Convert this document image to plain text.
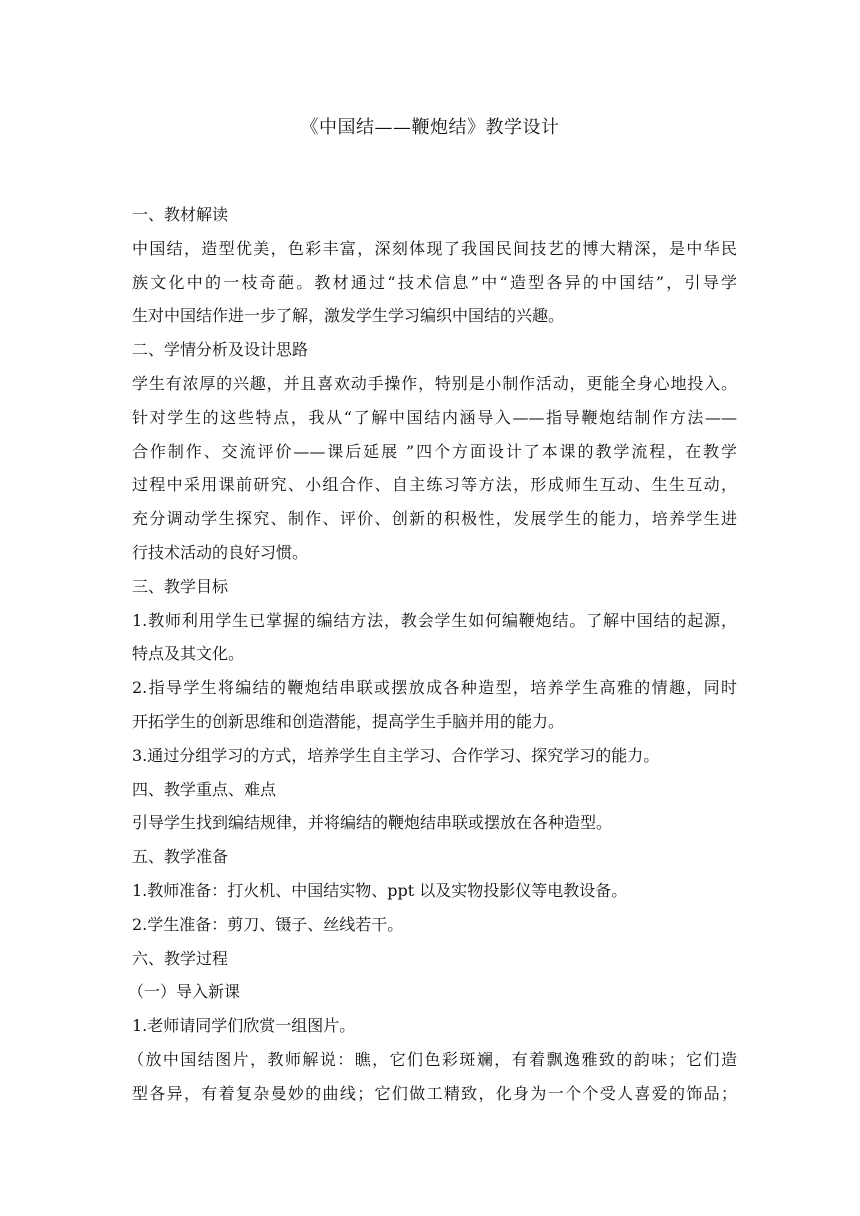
《中国结——鞭炮结》教学设计
一、教材解读
中国结，造型优美，色彩丰富，深刻体现了我国民间技艺的博大精深，是中华民
族文化中的一枝奇葩。教材通过“技术信息”中“造型各异的中国结”，引导学
生对中国结作进一步了解，激发学生学习编织中国结的兴趣。
二、学情分析及设计思路
学生有浓厚的兴趣，并且喜欢动手操作，特别是小制作活动，更能全身心地投入。
针对学生的这些特点，我从“了解中国结内涵导入——指导鞭炮结制作方法——
合作制作、交流评价——课后延展 ”四个方面设计了本课的教学流程，在教学
过程中采用课前研究、小组合作、自主练习等方法，形成师生互动、生生互动，
充分调动学生探究、制作、评价、创新的积极性，发展学生的能力，培养学生进
行技术活动的良好习惯。
三、教学目标
1.教师利用学生已掌握的编结方法，教会学生如何编鞭炮结。了解中国结的起源，
特点及其文化。
2.指导学生将编结的鞭炮结串联或摆放成各种造型，培养学生高雅的情趣，同时
开拓学生的创新思维和创造潜能，提高学生手脑并用的能力。
3.通过分组学习的方式，培养学生自主学习、合作学习、探究学习的能力。
四、教学重点、难点
引导学生找到编结规律，并将编结的鞭炮结串联或摆放在各种造型。
五、教学准备
1.教师准备：打火机、中国结实物、ppt 以及实物投影仪等电教设备。
2.学生准备：剪刀、镊子、丝线若干。
六、教学过程
（一）导入新课
1.老师请同学们欣赏一组图片。
（放中国结图片，教师解说：瞧，它们色彩斑斓，有着飘逸雅致的韵味；它们造
型各异，有着复杂曼妙的曲线；它们做工精致，化身为一个个受人喜爱的饰品；
